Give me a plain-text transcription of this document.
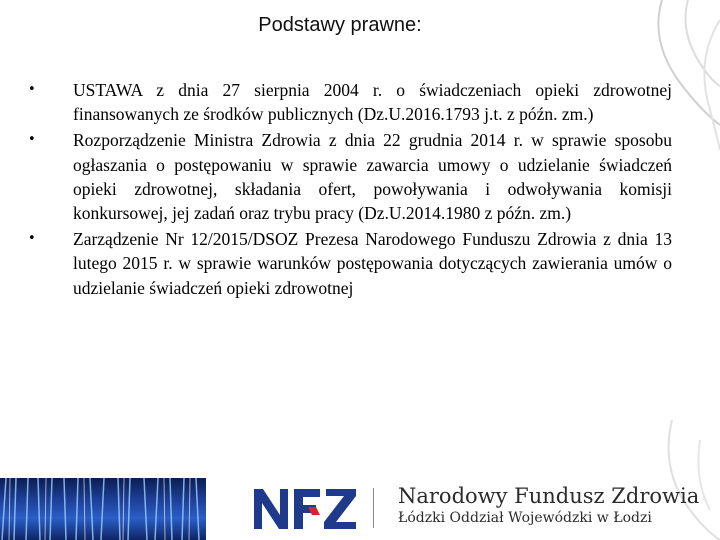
Podstawy prawne:
•	USTAWA z dnia 27 sierpnia 2004 r. o świadczeniach opieki zdrowotnej finansowanych ze środków publicznych (Dz.U.2016.1793 j.t. z późn. zm.)
•	Rozporządzenie Ministra Zdrowia z dnia 22 grudnia 2014 r. w sprawie sposobu ogłaszania o postępowaniu w sprawie zawarcia umowy o udzielanie świadczeń opieki zdrowotnej, składania ofert, powoływania i odwoływania komisji konkursowej, jej zadań oraz trybu pracy (Dz.U.2014.1980 z późn. zm.)
•	Zarządzenie Nr 12/2015/DSOZ Prezesa Narodowego Funduszu Zdrowia z dnia 13 lutego 2015 r. w sprawie warunków postępowania dotyczących zawierania umów o udzielanie świadczeń opieki zdrowotnej
Narodowy Fundusz Zdrowia
Łódzki Oddział Wojewódzki w Łodzi
